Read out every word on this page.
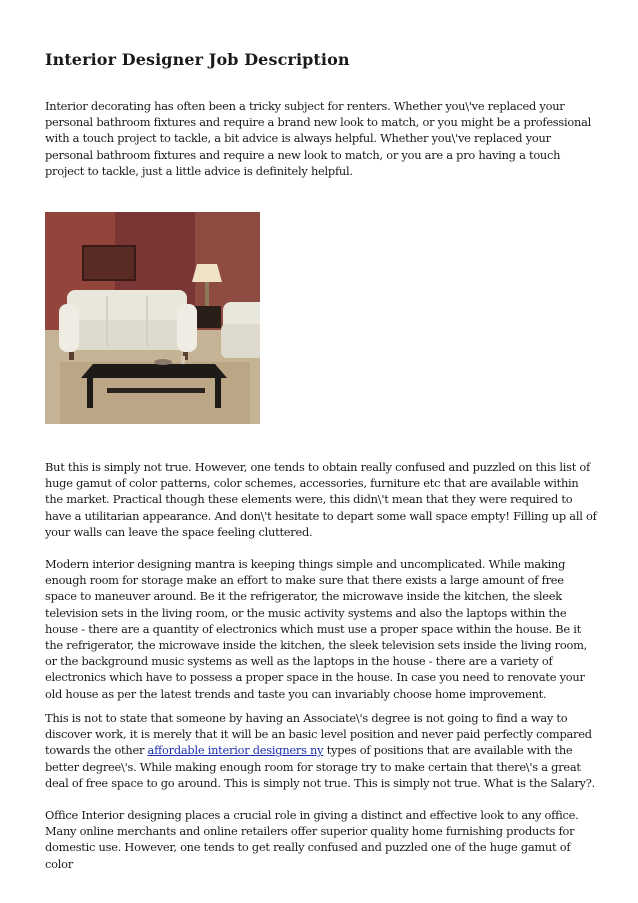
Interior Designer Job Description

Interior decorating has often been a tricky subject for renters. Whether you\'ve replaced your personal bathroom fixtures and require a brand new look to match, or you might be a professional with a touch project to tackle, a bit advice is always helpful. Whether you\'ve replaced your personal bathroom fixtures and require a new look to match, or you are a pro having a touch project to tackle, just a little advice is definitely helpful.

But this is simply not true. However, one tends to obtain really confused and puzzled on this list of huge gamut of color patterns, color schemes, accessories, furniture etc that are available within the market. Practical though these elements were, this didn\'t mean that they were required to have a utilitarian appearance. And don\'t hesitate to depart some wall space empty! Filling up all of your walls can leave the space feeling cluttered.

Modern interior designing mantra is keeping things simple and uncomplicated. While making enough room for storage make an effort to make sure that there exists a large amount of free space to maneuver around. Be it the refrigerator, the microwave inside the kitchen, the sleek television sets in the living room, or the music activity systems and also the laptops within the house - there are a quantity of electronics which must use a proper space within the house. Be it the refrigerator, the microwave inside the kitchen, the sleek television sets inside the living room, or the background music systems as well as the laptops in the house - there are a variety of electronics which have to possess a proper space in the house. In case you need to renovate your old house as per the latest trends and taste you can invariably choose home improvement.

This is not to state that someone by having an Associate\'s degree is not going to find a way to discover work, it is merely that it will be an basic level position and never paid perfectly compared towards the other affordable interior designers ny types of positions that are available with the better degree\'s. While making enough room for storage try to make certain that there\'s a great deal of free space to go around. This is simply not true. This is simply not true. What is the Salary?.

Office Interior designing places a crucial role in giving a distinct and effective look to any office. Many online merchants and online retailers offer superior quality home furnishing products for domestic use. However, one tends to get really confused and puzzled one of the huge gamut of color
